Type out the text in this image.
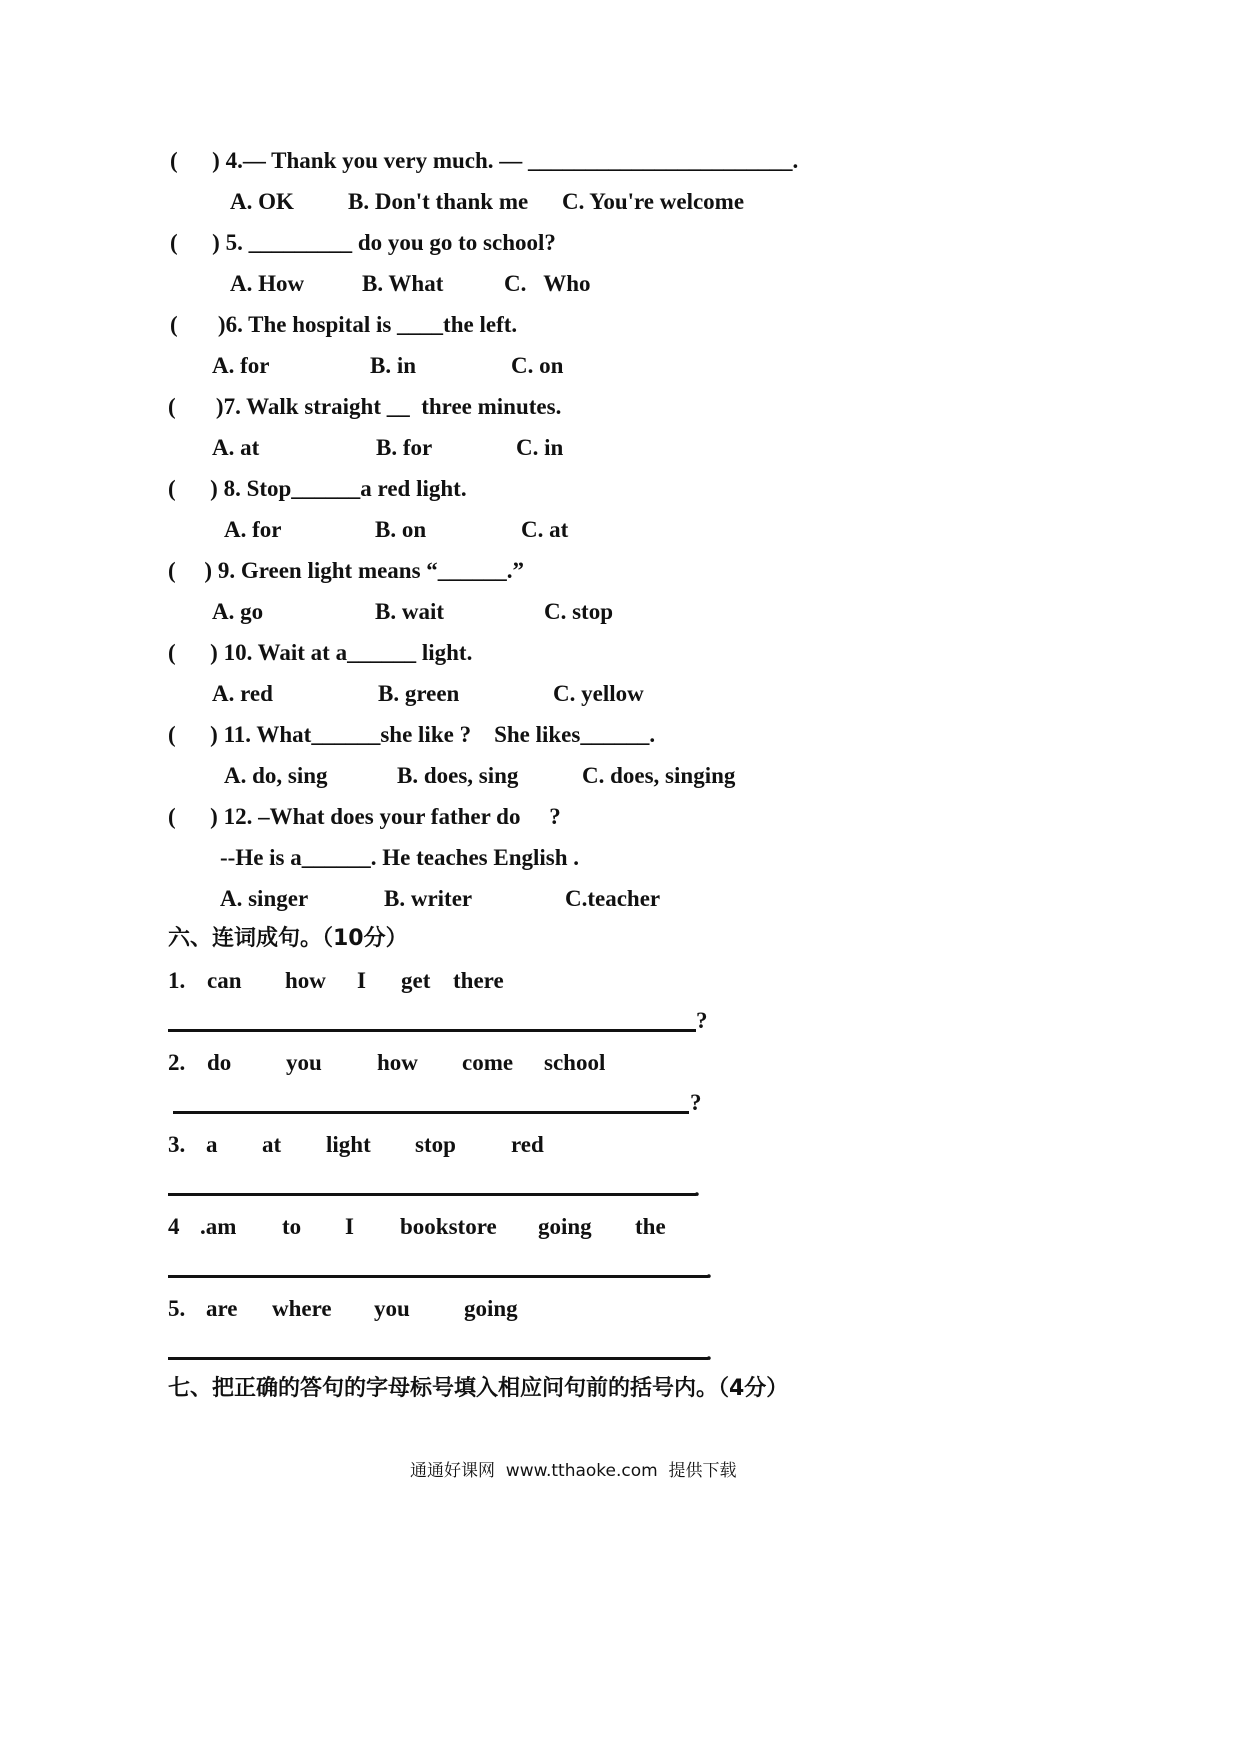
(      ) 4.— Thank you very much. — _______________________.
A. OK B. Don't thank me C. You're welcome
(      ) 5. _________ do you go to school?
A. How	B. What	C.   Who
(       )6. The hospital is ____the left.
A. for	B. in	C. on
(       )7. Walk straight __  three minutes.
A. at	B. for	C. in
(      ) 8. Stop______a red light.
A. for	B. on	C. at
(     ) 9. Green light means “______.”
A. go	B. wait	C. stop
(      ) 10. Wait at a______ light.
A. red	B. green	C. yellow
(      ) 11. What______she like ?    She likes______.
A. do, sing	B. does, sing	C. does, singing
(      ) 12. –What does your father do     ?
--He is a______. He teaches English .
A. singer	B. writer	C.teacher
六、连词成句。（10分）
1. can how I get there
?
2. do you how come school
?
3. a at light stop red
.
4 .am to I bookstore going the
.
5. are where you going
.
七、把正确的答句的字母标号填入相应问句前的括号内。（4分）
通通好课网  www.tthaoke.com  提供下载
